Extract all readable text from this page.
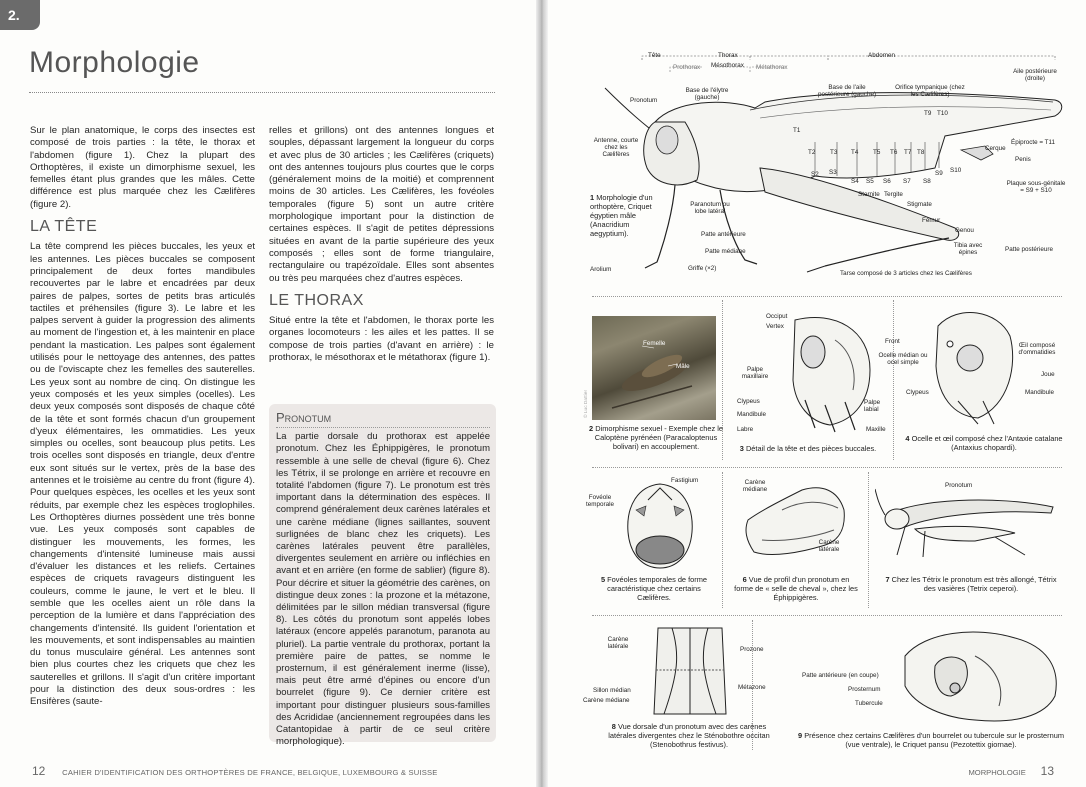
2.
Morphologie

Sur le plan anatomique, le corps des insectes est composé de trois parties : la tête, le thorax et l'abdomen (figure 1). Chez la plupart des Orthoptères, il existe un dimorphisme sexuel, les femelles étant plus grandes que les mâles. Cette différence est plus marquée chez les Cælifères (figure 2).

LA TÊTE

La tête comprend les pièces buccales, les yeux et les antennes. Les pièces buccales se composent principalement de deux fortes mandibules recouvertes par le labre et encadrées par deux paires de palpes, sortes de petits bras articulés tactiles et préhensiles (figure 3). Le labre et les palpes servent à guider la progression des aliments au moment de l'ingestion et, à les maintenir en place pendant la mastication. Les palpes sont également utilisés pour le nettoyage des antennes, des pattes ou de l'oviscapte chez les femelles des sauterelles. Les yeux sont au nombre de cinq. On distingue les yeux composés et les yeux simples (ocelles). Les deux yeux composés sont disposés de chaque côté de la tête et sont formés chacun d'un groupement d'yeux élémentaires, les ommatidies. Les yeux simples ou ocelles, sont beaucoup plus petits. Les trois ocelles sont disposés en triangle, deux d'entre eux sont situés sur le vertex, près de la base des antennes et le troisième au centre du front (figure 4). Pour quelques espèces, les ocelles et les yeux sont réduits, par exemple chez les espèces troglophiles. Les Orthoptères diurnes possèdent une très bonne vue. Les yeux composés sont capables de distinguer les mouvements, les formes, les changements d'intensité lumineuse mais aussi d'évaluer les distances et les reliefs. Certaines espèces de criquets ravageurs distinguent les couleurs, comme le jaune, le vert et le bleu. Il semble que les ocelles aient un rôle dans la perception de la lumière et dans l'appréciation des changements d'intensité. Ils guident l'orientation et les mouvements, et sont indispensables au maintien du tonus musculaire général. Les antennes sont bien plus courtes chez les criquets que chez les sauterelles et grillons. Il s'agit d'un critère important pour la distinction des deux sous-ordres : les Ensifères (saute-

relles et grillons) ont des antennes longues et souples, dépassant largement la longueur du corps et avec plus de 30 articles ; les Cælifères (criquets) ont des antennes toujours plus courtes que le corps (généralement moins de la moitié) et comprennent moins de 30 articles. Les Cælifères, les fovéoles temporales (figure 5) sont un autre critère morphologique important pour la distinction de certaines espèces. Il s'agit de petites dépressions situées en avant de la partie supérieure des yeux composés ; elles sont de forme triangulaire, rectangulaire ou trapézoïdale. Elles sont absentes ou très peu marquées chez d'autres espèces.

LE THORAX

Situé entre la tête et l'abdomen, le thorax porte les organes locomoteurs : les ailes et les pattes. Il se compose de trois parties (d'avant en arrière) : le prothorax, le mésothorax et le métathorax (figure 1).

Pronotum

La partie dorsale du prothorax est appelée pronotum. Chez les Éphippigères, le pronotum ressemble à une selle de cheval (figure 6). Chez les Tétrix, il se prolonge en arrière et recouvre en totalité l'abdomen (figure 7). Le pronotum est très important dans la détermination des espèces. Il comprend généralement deux carènes latérales et une carène médiane (lignes saillantes, souvent surlignées de blanc chez les criquets). Les carènes latérales peuvent être parallèles, divergentes seulement en arrière ou infléchies en avant et en arrière (en forme de sablier) (figure 8). Pour décrire et situer la géométrie des carènes, on distingue deux zones : la prozone et la métazone, délimitées par le sillon médian transversal (figure 8). Les côtés du pronotum sont appelés lobes latéraux (encore appelés paranotum, paranota au pluriel). La partie ventrale du prothorax, portant la première paire de pattes, se nomme le prosternum, il est généralement inerme (lisse), mais peut être armé d'épines ou encore d'un bourrelet (figure 9). Ce dernier critère est important pour distinguer plusieurs sous-familles des Acrididae (anciennement regroupées dans les Catantopidae à partir de ce seul critère morphologique).

12 CAHIER D'IDENTIFICATION DES ORTHOPTÈRES DE FRANCE, BELGIQUE, LUXEMBOURG & SUISSE	MORPHOLOGIE 13
Tête	Thorax	Abdomen
Prothorax Mésothorax Métathorax
Pronotum
Base de l'élytre (gauche)
Base de l'aile postérieure (gauche)
Orifice tympanique (chez les Cælifères)
Aile postérieure (droite)
Antenne, courte chez les Cælifères
T1
T2 T3 T4 T5 T6 T7 T8
T9 T10
S2 S3
S4 S5 S6 S7 S8
S9 S10
Épiprocte = T11
Cerque
Penis
Plaque sous-génitale = S9 + S10
Sternite Tergite
Stigmate
Fémur
Genou
Tibia avec épines	Patte postérieure
Paranotum ou lobe latéral
Patte antérieure
Patte médiane
Arolium	Griffe (×2)
Tarse composé de 3 articles chez les Cælifères
1 Morphologie d'un orthoptère, Criquet égyptien mâle (Anacridium aegyptium).
Femelle
Mâle
© Luc Dattier
2 Dimorphisme sexuel - Exemple chez le Caloptène pyrénéen (Paracaloptenus bolivari) en accouplement.
Occiput
Vertex
Palpe maxillaire
Clypeus
Mandibule
Labre
Palpe labial
Maxille
3 Détail de la tête et des pièces buccales.
Front
Ocelle médian ou ocel simple
Clypeus
Œil composé d'ommatidies
Joue
Mandibule
4 Ocelle et œil composé chez l'Antaxie catalane (Antaxius chopardi).
Fastigium
Fovéole temporale
5 Fovéoles temporales de forme caractéristique chez certains Cælifères.
Carène médiane
Carène latérale
6 Vue de profil d'un pronotum en forme de « selle de cheval », chez les Éphippigères.
Pronotum
7 Chez les Tétrix le pronotum est très allongé, Tétrix des vasières (Tetrix ceperoi).
Carène latérale	Prozone
Sillon médian
Carène médiane
Métazone
8 Vue dorsale d'un pronotum avec des carènes latérales divergentes chez le Sténobothre occitan (Stenobothrus festivus).
Patte antérieure (en coupe)
Prosternum
Tubercule
9 Présence chez certains Cælifères d'un bourrelet ou tubercule sur le prosternum (vue ventrale), le Criquet pansu (Pezotettix giornae).
